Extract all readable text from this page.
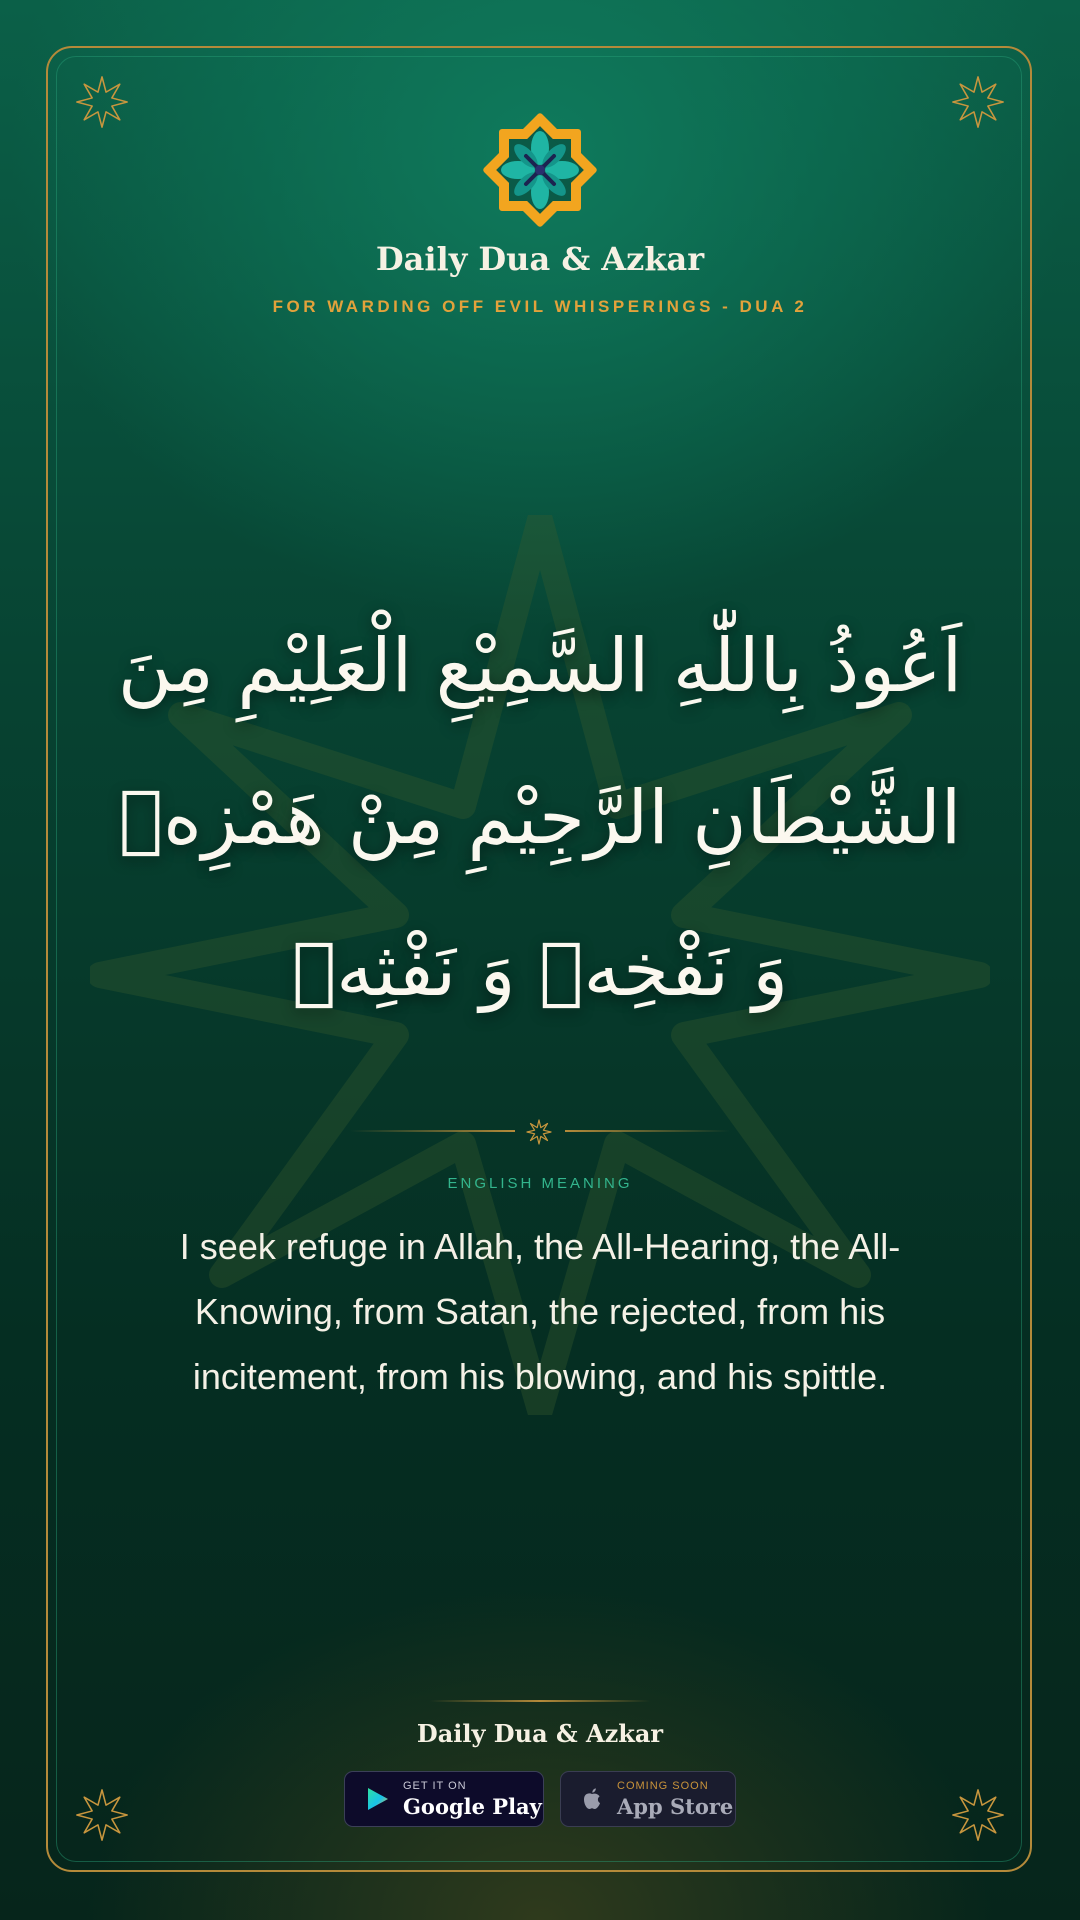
Daily Dua & Azkar
FOR WARDING OFF EVIL WHISPERINGS - DUA 2
اَعُوذُ بِاللّٰهِ السَّمِيْعِ الْعَلِيْمِ مِنَ الشَّيْطَانِ الرَّجِيْمِ مِنْ هَمْزِهٖ وَ نَفْخِهٖ وَ نَفْثِهٖ
ENGLISH MEANING
I seek refuge in Allah, the All-Hearing, the All-Knowing, from Satan, the rejected, from his incitement, from his blowing, and his spittle.
Daily Dua & Azkar
GET IT ON
Google Play
COMING SOON
App Store
